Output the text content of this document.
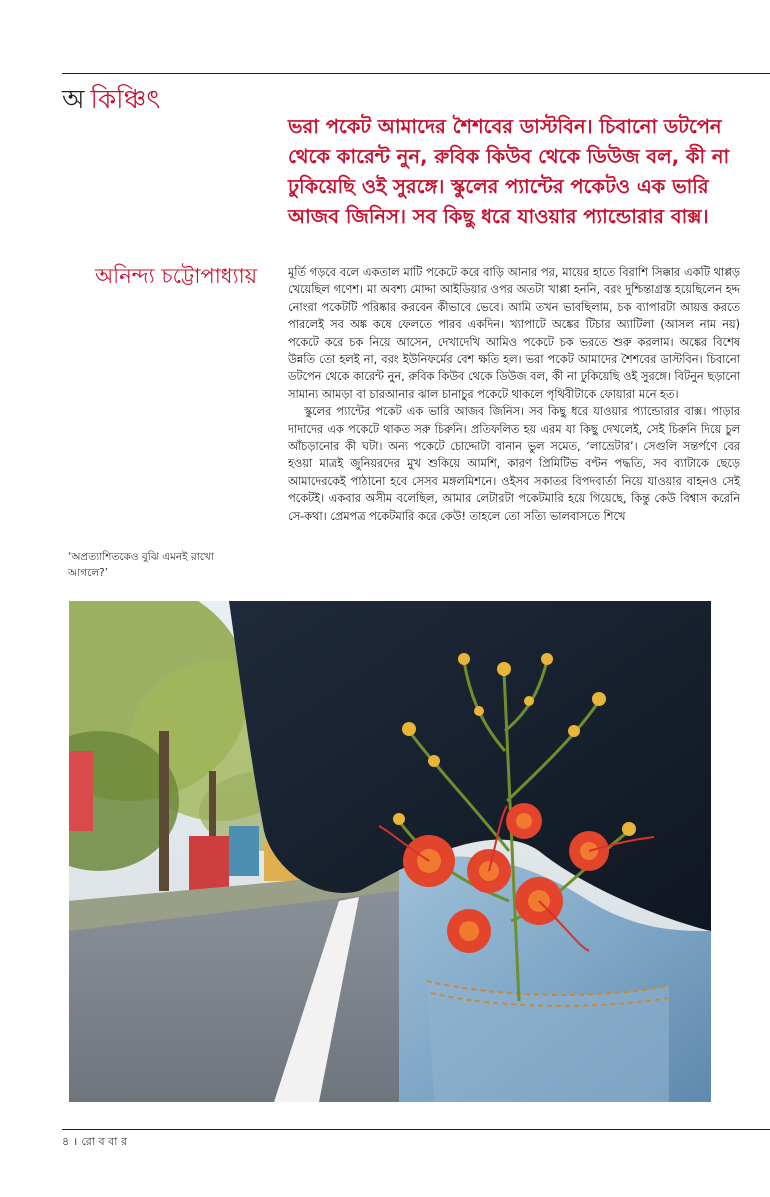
অ কিঞ্চিৎ

ভরা পকেট আমাদের শৈশবের ডাস্টবিন। চিবানো ডটপেন থেকে কারেন্ট নুন, রুবিক কিউব থেকে ডিউজ বল, কী না ঢুকিয়েছি ওই সুরঙ্গে। স্কুলের প্যান্টের পকেটও এক ভারি আজব জিনিস। সব কিছু ধরে যাওয়ার প্যান্ডোরার বাক্স।

অনিন্দ্য চট্টোপাধ্যায়	মূর্তি গড়বে বলে একতাল মাটি পকেটে করে বাড়ি আনার পর, মায়ের হাতে বিরাশি সিক্কার একটি থাপ্পড় খেয়েছিল গণেশ। মা অবশ্য মোদ্দা আইডিয়ার ওপর অতটা খাপ্পা হননি, বরং দুশ্চিন্তাগ্রস্ত হয়েছিলেন হদ্দ নোংরা পকেটটি পরিষ্কার করবেন কীভাবে ভেবে। আমি তখন ভাবছিলাম, চক ব্যাপারটা আয়ত্ত করতে পারলেই সব অঙ্ক কষে ফেলতে পারব একদিন। খ্যাপাটে অঙ্কের টিচার অ্যাটিলা (আসল নাম নয়) পকেটে করে চক নিয়ে আসেন, দেখাদেখি আমিও পকেটে চক ভরতে শুরু করলাম। অঙ্কের বিশেষ উন্নতি তো হলই না, বরং ইউনিফর্মের বেশ ক্ষতি হল। ভরা পকেট আমাদের শৈশবের ডাস্টবিন। চিবানো ডটপেন থেকে কারেন্ট নুন, রুবিক কিউব থেকে ডিউজ বল, কী না ঢুকিয়েছি ওই সুরঙ্গে। বিটনুন ছড়ানো সামান্য আমড়া বা চারআনার ঝাল চানাচুর পকেটে থাকলে পৃথিবীটাকে ফোয়ারা মনে হত।

স্কুলের প্যান্টের পকেট এক ভারি আজব জিনিস। সব কিছু ধরে যাওয়ার প্যান্ডোরার বাক্স। পাড়ার দাদাদের এক পকেটে থাকত সরু চিরুনি। প্রতিফলিত হয় এরম যা কিছু দেখলেই, সেই চিরুনি দিয়ে চুল আঁচড়ানোর কী ঘটা। অন্য পকেটে চোদ্দোটা বানান ভুল সমেত, ‘লাভ্রেটার’। সেগুলি সন্তর্পণে বের হওয়া মাত্রই জুনিয়রদের মুখ শুকিয়ে আমশি, কারণ প্রিমিটিভ বণ্টন পদ্ধতি, সব ব্যাটাকে ছেড়ে আমাদেরকেই পাঠানো হবে সেসব মঙ্গলমিশনে। ওইসব সকাতর বিপদবার্তা নিয়ে যাওয়ার বাহনও সেই পকেটই। একবার অসীম বলেছিল, আমার লেটারটা পকেটমারি হয়ে গিয়েছে, কিন্তু কেউ বিশ্বাস করেনি সে-কথা। প্রেমপত্র পকেটমারি করে কেউ! তাহলে তো সত্যি ভালবাসতে শিখে

‘অপ্রত্যাশিতকেও বুঝি এমনই রাখো আগলে?’
৪ । রো ব বা র
